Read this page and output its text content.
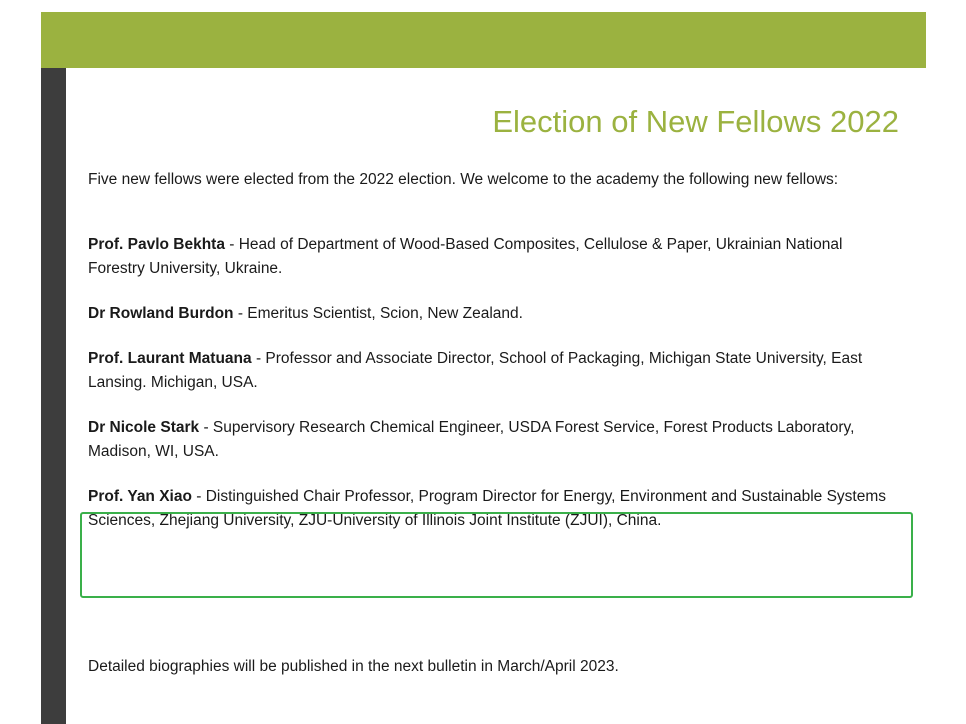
Election of New Fellows 2022

Five new fellows were elected from the 2022 election. We welcome to the academy the following new fellows:

Prof. Pavlo Bekhta - Head of Department of Wood-Based Composites, Cellulose & Paper, Ukrainian National Forestry University, Ukraine.

Dr Rowland Burdon - Emeritus Scientist, Scion, New Zealand.

Prof. Laurant Matuana - Professor and Associate Director, School of Packaging, Michigan State University, East Lansing. Michigan, USA.

Dr Nicole Stark - Supervisory Research Chemical Engineer, USDA Forest Service, Forest Products Laboratory, Madison, WI, USA.

Prof. Yan Xiao - Distinguished Chair Professor, Program Director for Energy, Environment and Sustainable Systems Sciences, Zhejiang University, ZJU-University of Illinois Joint Institute (ZJUI), China.

Detailed biographies will be published in the next bulletin in March/April 2023.
